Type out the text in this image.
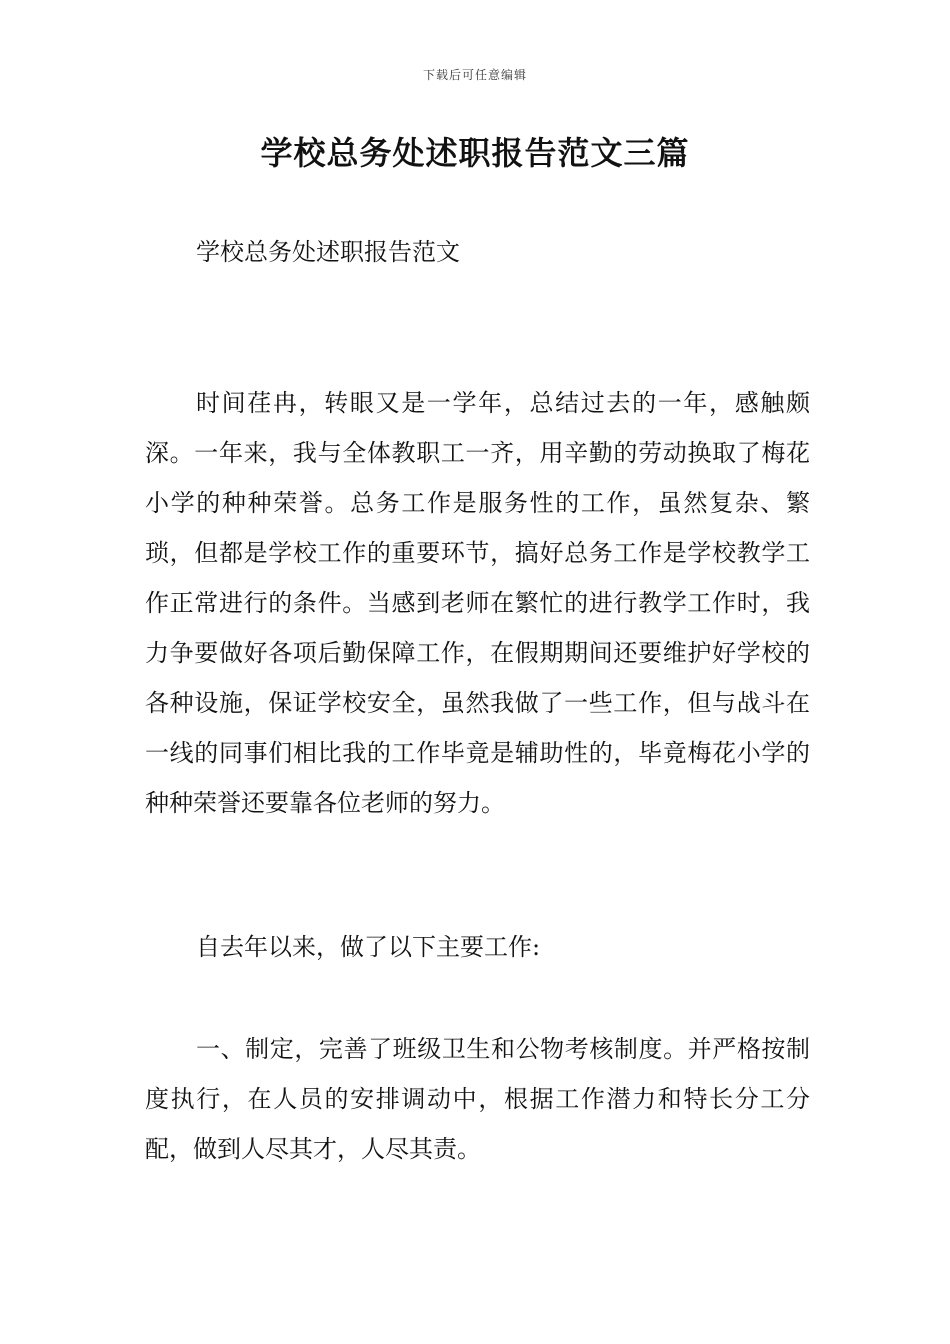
下载后可任意编辑
学校总务处述职报告范文三篇

学校总务处述职报告范文

时间荏冉，转眼又是一学年，总结过去的一年，感触颇深。一年来，我与全体教职工一齐，用辛勤的劳动换取了梅花小学的种种荣誉。总务工作是服务性的工作，虽然复杂、繁琐，但都是学校工作的重要环节，搞好总务工作是学校教学工作正常进行的条件。当感到老师在繁忙的进行教学工作时，我力争要做好各项后勤保障工作，在假期期间还要维护好学校的各种设施，保证学校安全，虽然我做了一些工作，但与战斗在一线的同事们相比我的工作毕竟是辅助性的，毕竟梅花小学的种种荣誉还要靠各位老师的努力。

自去年以来，做了以下主要工作:

一、制定，完善了班级卫生和公物考核制度。并严格按制度执行，在人员的安排调动中，根据工作潜力和特长分工分配，做到人尽其才，人尽其责。
